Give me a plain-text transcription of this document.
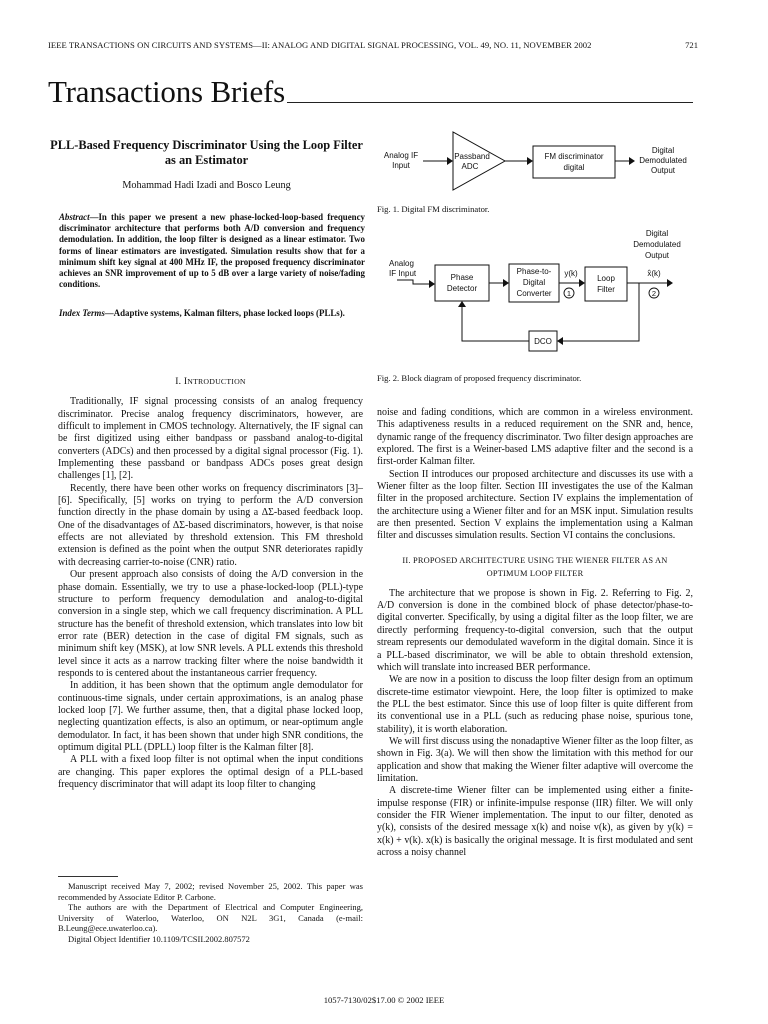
IEEE TRANSACTIONS ON CIRCUITS AND SYSTEMS—II: ANALOG AND DIGITAL SIGNAL PROCESSING, VOL. 49, NO. 11, NOVEMBER 2002	721
Transactions Briefs
PLL-Based Frequency Discriminator Using the Loop Filter as an Estimator
Mohammad Hadi Izadi and Bosco Leung
Abstract—In this paper we present a new phase-locked-loop-based frequency discriminator architecture that performs both A/D conversion and frequency demodulation. In addition, the loop filter is designed as a linear estimator. Two forms of linear estimators are investigated. Simulation results show that for a minimum shift key signal at 400 MHz IF, the proposed frequency discriminator achieves an SNR improvement of up to 5 dB over a large variety of noise/fading conditions.
Index Terms—Adaptive systems, Kalman filters, phase locked loops (PLLs).
I. INTRODUCTION

Traditionally, IF signal processing consists of an analog frequency discriminator. Precise analog frequency discriminators, however, are difficult to implement in CMOS technology. Alternatively, the IF signal can be first digitized using either bandpass or passband analog-to-digital converters (ADCs) and then processed by a digital signal processor (Fig. 1). Implementing these passband or bandpass ADCs poses great design challenges [1], [2].

Recently, there have been other works on frequency discriminators [3]–[6]. Specifically, [5] works on trying to perform the A/D conversion function directly in the phase domain by using a ΔΣ-based feedback loop. One of the disadvantages of ΔΣ-based discriminators, however, is that noise effects are not alleviated by threshold extension. This FM threshold extension is defined as the point when the output SNR deteriorates rapidly with decreasing carrier-to-noise (CNR) ratio.

Our present approach also consists of doing the A/D conversion in the phase domain. Essentially, we try to use a phase-locked-loop (PLL)-type structure to perform frequency demodulation and analog-to-digital conversion in a single step, which we call frequency discrimination. A PLL structure has the benefit of threshold extension, which translates into low bit error rate (BER) detection in the case of digital FM signals, such as minimum shift key (MSK), at low SNR levels. A PLL extends this threshold level since it acts as a narrow tracking filter where the noise bandwidth it responds to is centered about the instantaneous carrier frequency.

In addition, it has been shown that the optimum angle demodulator for continuous-time signals, under certain approximations, is an analog phase locked loop [7]. We further assume, then, that a digital phase locked loop, neglecting quantization effects, is also an optimum, or near-optimum angle demodulator. In fact, it has been shown that under high SNR conditions, the optimum digital PLL (DPLL) loop filter is the Kalman filter [8].

A PLL with a fixed loop filter is not optimal when the input conditions are changing. This paper explores the optimal design of a PLL-based frequency discriminator that will adapt its loop filter to changing

Manuscript received May 7, 2002; revised November 25, 2002. This paper was recommended by Associate Editor P. Carbone.

The authors are with the Department of Electrical and Computer Engineering, University of Waterloo, Waterloo, ON N2L 3G1, Canada (e-mail: B.Leung@ece.uwaterloo.ca).

Digital Object Identifier 10.1109/TCSII.2002.807572

Analog IF
Input
Passband
ADC
FM discriminator
digital
Digital
Demodulated
Output
Fig. 1. Digital FM discriminator.
Digital
Demodulated
Output
Analog
IF Input	Phase
Detector
Phase-to-
Digital
Converter
y(k)
1
Loop
Filter
x̂(k)
2
DCO
Fig. 2. Block diagram of proposed frequency discriminator.

noise and fading conditions, which are common in a wireless environment. This adaptiveness results in a reduced requirement on the SNR and, hence, dynamic range of the frequency discriminator. Two filter design approaches are explored. The first is a Weiner-based LMS adaptive filter and the second is a first-order Kalman filter.

Section II introduces our proposed architecture and discusses its use with a Wiener filter as the loop filter. Section III investigates the use of the Kalman filter in the proposed architecture. Section IV explains the implementation of the architecture using a Wiener filter and for an MSK input. Simulation results are then presented. Section V explains the implementation using a Kalman filter and discusses simulation results. Section VI contains the conclusions.

II. PROPOSED ARCHITECTURE USING THE WIENER FILTER AS AN
OPTIMUM LOOP FILTER

The architecture that we propose is shown in Fig. 2. Referring to Fig. 2, A/D conversion is done in the combined block of phase detector/phase-to-digital converter. Specifically, by using a digital filter as the loop filter, we are directly performing frequency-to-digital conversion, such that the output stream represents our demodulated waveform in the digital domain. Since it is a PLL-based discriminator, we will be able to obtain threshold extension, which will translate into increased BER performance.

We are now in a position to discuss the loop filter design from an optimum discrete-time estimator viewpoint. Here, the loop filter is optimized to make the PLL the best estimator. Since this use of loop filter is quite different from its conventional use in a PLL (such as reducing phase noise, spurious tone, stability), it is worth elaboration.

We will first discuss using the nonadaptive Wiener filter as the loop filter, as shown in Fig. 3(a). We will then show the limitation with this method for our application and show that making the Wiener filter adaptive will overcome the limitation.

A discrete-time Wiener filter can be implemented using either a finite-impulse response (FIR) or infinite-impulse response (IIR) filter. We will only consider the FIR Wiener implementation. The input to our filter, denoted as y(k), consists of the desired message x(k) and noise v(k), as given by y(k) = x(k) + v(k). x(k) is basically the original message. It is first modulated and sent across a noisy channel

1057-7130/02$17.00 © 2002 IEEE
